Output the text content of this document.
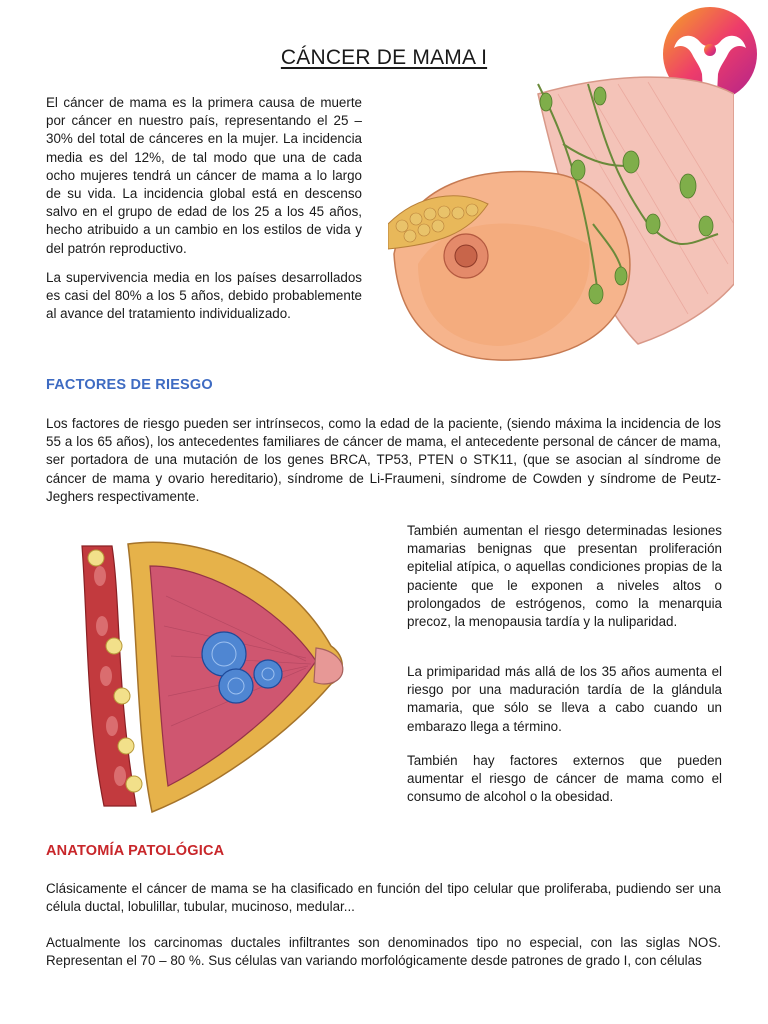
CÁNCER DE MAMA I

El cáncer de mama es la primera causa de muerte por cáncer en nuestro país, representando el 25 – 30% del total de cánceres en la mujer. La incidencia media es del 12%, de tal modo que una de cada ocho mujeres tendrá un cáncer de mama a lo largo de su vida. La incidencia global está en descenso salvo en el grupo de edad de los 25 a los 45 años, hecho atribuido a un cambio en los estilos de vida y del patrón reproductivo.

La supervivencia media en los países desarrollados es casi del 80% a los 5 años, debido probablemente al avance del tratamiento individualizado.

FACTORES DE RIESGO

Los factores de riesgo pueden ser intrínsecos, como la edad de la paciente, (siendo máxima la incidencia de los 55 a los 65 años), los antecedentes familiares de cáncer de mama, el antecedente personal de cáncer de mama, ser portadora de una mutación de los genes BRCA, TP53, PTEN o STK11, (que se asocian al síndrome de cáncer de mama y ovario hereditario), síndrome de Li-Fraumeni, síndrome de Cowden y síndrome de Peutz-Jeghers respectivamente.

También aumentan el riesgo determinadas lesiones mamarias benignas que presentan proliferación epitelial atípica, o aquellas condiciones propias de la paciente que le exponen a niveles altos o prolongados de estrógenos, como la menarquia precoz, la menopausia tardía y la nuliparidad.

La primiparidad más allá de los 35 años aumenta el riesgo por una maduración tardía de la glándula mamaria, que sólo se lleva a cabo cuando un embarazo llega a término.

También hay factores externos que pueden aumentar el riesgo de cáncer de mama como el consumo de alcohol o la obesidad.

ANATOMÍA PATOLÓGICA

Clásicamente el cáncer de mama se ha clasificado en función del tipo celular que proliferaba, pudiendo ser una célula ductal, lobulillar, tubular, mucinoso, medular...

Actualmente los carcinomas ductales infiltrantes son denominados tipo no especial, con las siglas NOS. Representan el 70 – 80 %. Sus células van variando morfológicamente desde patrones de grado I, con células
